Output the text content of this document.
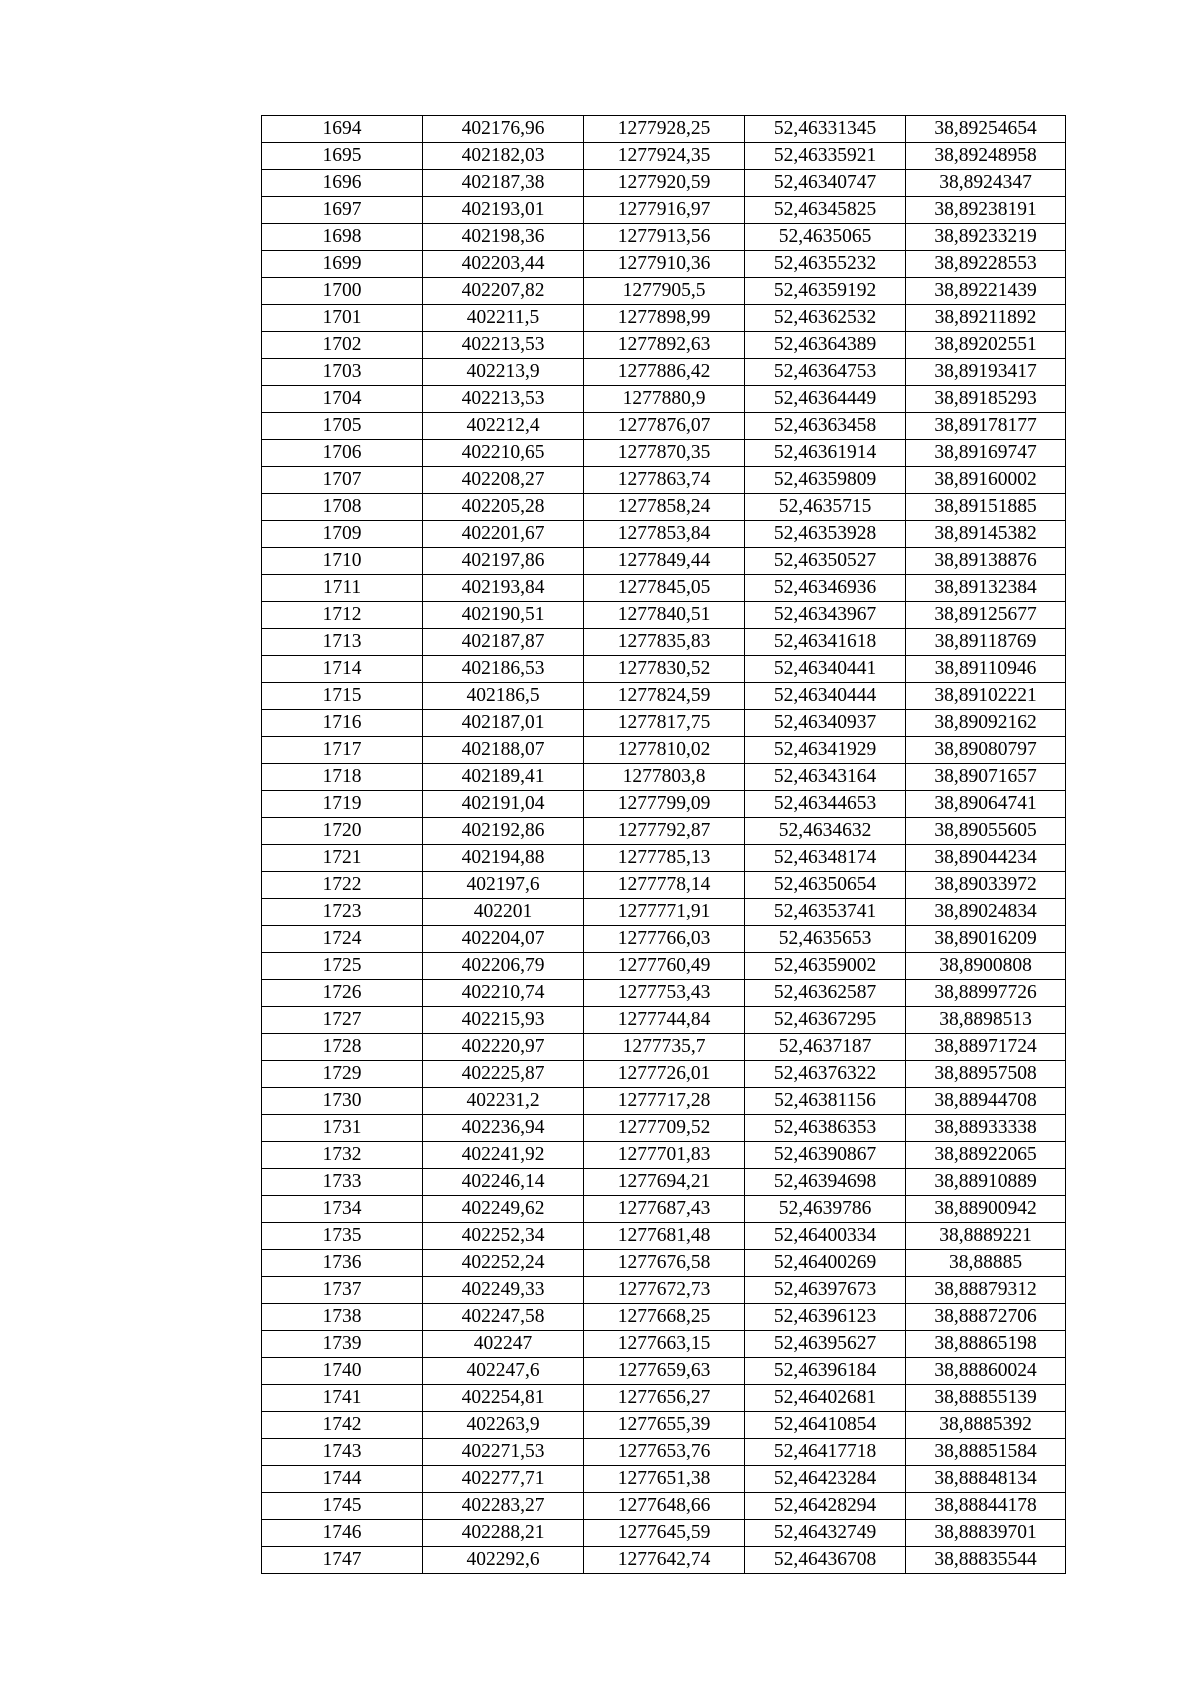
1694	402176,96	1277928,25	52,46331345	38,89254654
1695	402182,03	1277924,35	52,46335921	38,89248958
1696	402187,38	1277920,59	52,46340747	38,8924347
1697	402193,01	1277916,97	52,46345825	38,89238191
1698	402198,36	1277913,56	52,4635065	38,89233219
1699	402203,44	1277910,36	52,46355232	38,89228553
1700	402207,82	1277905,5	52,46359192	38,89221439
1701	402211,5	1277898,99	52,46362532	38,89211892
1702	402213,53	1277892,63	52,46364389	38,89202551
1703	402213,9	1277886,42	52,46364753	38,89193417
1704	402213,53	1277880,9	52,46364449	38,89185293
1705	402212,4	1277876,07	52,46363458	38,89178177
1706	402210,65	1277870,35	52,46361914	38,89169747
1707	402208,27	1277863,74	52,46359809	38,89160002
1708	402205,28	1277858,24	52,4635715	38,89151885
1709	402201,67	1277853,84	52,46353928	38,89145382
1710	402197,86	1277849,44	52,46350527	38,89138876
1711	402193,84	1277845,05	52,46346936	38,89132384
1712	402190,51	1277840,51	52,46343967	38,89125677
1713	402187,87	1277835,83	52,46341618	38,89118769
1714	402186,53	1277830,52	52,46340441	38,89110946
1715	402186,5	1277824,59	52,46340444	38,89102221
1716	402187,01	1277817,75	52,46340937	38,89092162
1717	402188,07	1277810,02	52,46341929	38,89080797
1718	402189,41	1277803,8	52,46343164	38,89071657
1719	402191,04	1277799,09	52,46344653	38,89064741
1720	402192,86	1277792,87	52,4634632	38,89055605
1721	402194,88	1277785,13	52,46348174	38,89044234
1722	402197,6	1277778,14	52,46350654	38,89033972
1723	402201	1277771,91	52,46353741	38,89024834
1724	402204,07	1277766,03	52,4635653	38,89016209
1725	402206,79	1277760,49	52,46359002	38,8900808
1726	402210,74	1277753,43	52,46362587	38,88997726
1727	402215,93	1277744,84	52,46367295	38,8898513
1728	402220,97	1277735,7	52,4637187	38,88971724
1729	402225,87	1277726,01	52,46376322	38,88957508
1730	402231,2	1277717,28	52,46381156	38,88944708
1731	402236,94	1277709,52	52,46386353	38,88933338
1732	402241,92	1277701,83	52,46390867	38,88922065
1733	402246,14	1277694,21	52,46394698	38,88910889
1734	402249,62	1277687,43	52,4639786	38,88900942
1735	402252,34	1277681,48	52,46400334	38,8889221
1736	402252,24	1277676,58	52,46400269	38,88885
1737	402249,33	1277672,73	52,46397673	38,88879312
1738	402247,58	1277668,25	52,46396123	38,88872706
1739	402247	1277663,15	52,46395627	38,88865198
1740	402247,6	1277659,63	52,46396184	38,88860024
1741	402254,81	1277656,27	52,46402681	38,88855139
1742	402263,9	1277655,39	52,46410854	38,8885392
1743	402271,53	1277653,76	52,46417718	38,88851584
1744	402277,71	1277651,38	52,46423284	38,88848134
1745	402283,27	1277648,66	52,46428294	38,88844178
1746	402288,21	1277645,59	52,46432749	38,88839701
1747	402292,6	1277642,74	52,46436708	38,88835544
